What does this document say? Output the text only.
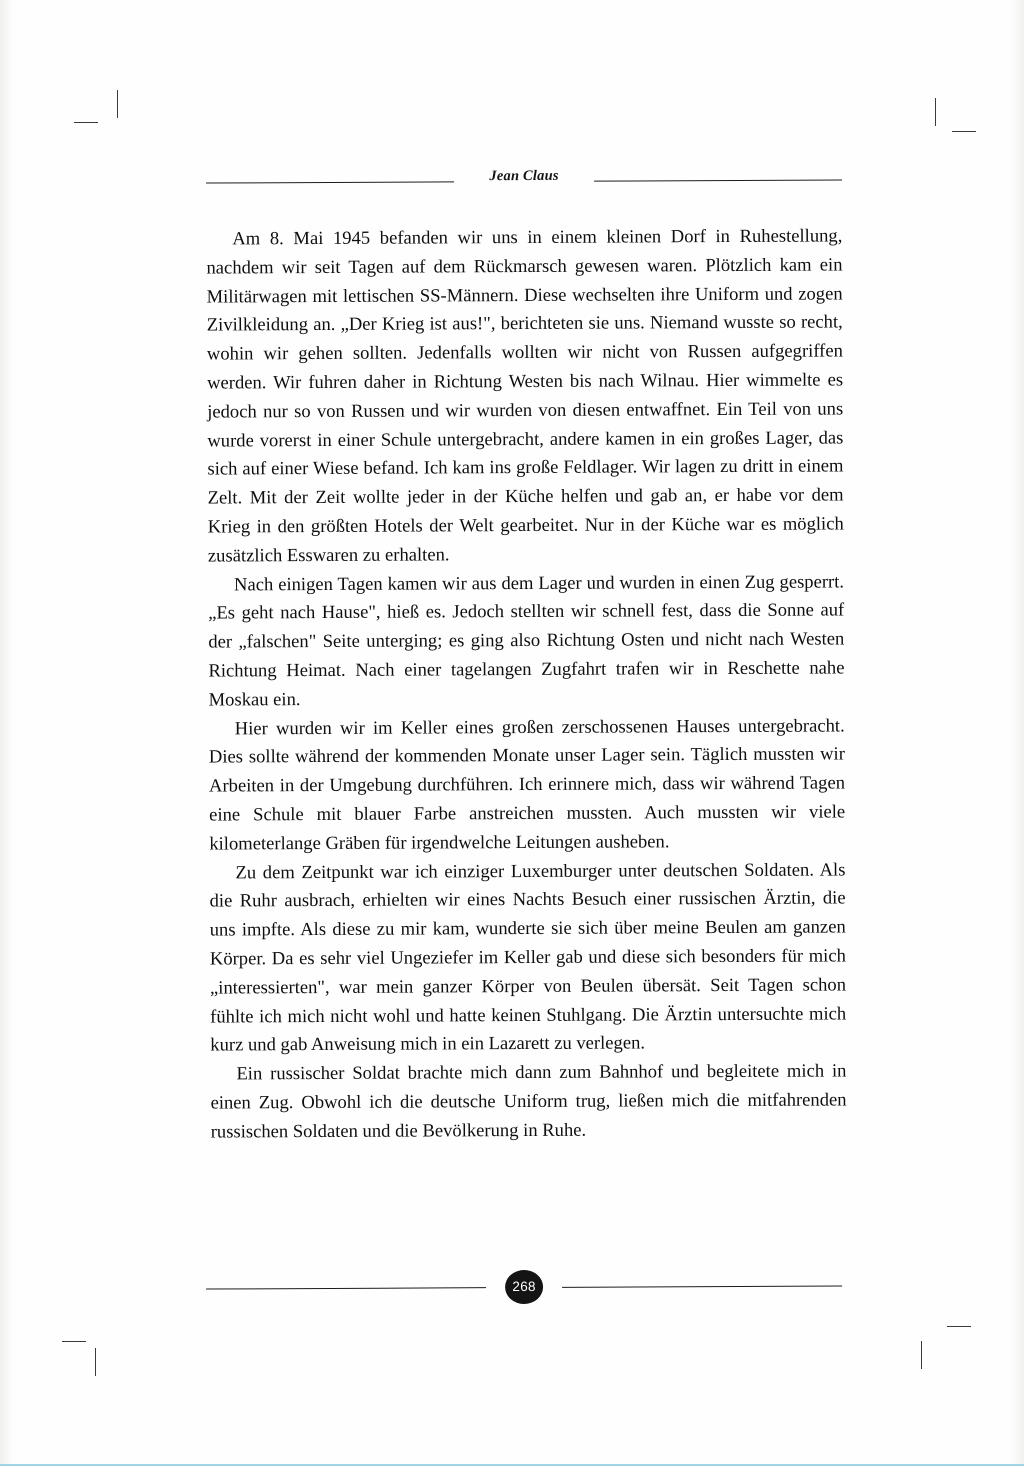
Jean Claus

Am 8. Mai 1945 befanden wir uns in einem kleinen Dorf in Ruhestellung, nachdem wir seit Tagen auf dem Rückmarsch gewesen waren. Plötzlich kam ein Militärwagen mit lettischen SS-Männern. Diese wechselten ihre Uniform und zogen Zivilkleidung an. „Der Krieg ist aus!", berichteten sie uns. Niemand wusste so recht, wohin wir gehen sollten. Jedenfalls wollten wir nicht von Russen aufgegriffen werden. Wir fuhren daher in Richtung Westen bis nach Wilnau. Hier wimmelte es jedoch nur so von Russen und wir wurden von diesen entwaffnet. Ein Teil von uns wurde vorerst in einer Schule untergebracht, andere kamen in ein großes Lager, das sich auf einer Wiese befand. Ich kam ins große Feldlager. Wir lagen zu dritt in einem Zelt. Mit der Zeit wollte jeder in der Küche helfen und gab an, er habe vor dem Krieg in den größten Hotels der Welt gearbeitet. Nur in der Küche war es möglich zusätzlich Esswaren zu erhalten.

Nach einigen Tagen kamen wir aus dem Lager und wurden in einen Zug gesperrt. „Es geht nach Hause", hieß es. Jedoch stellten wir schnell fest, dass die Sonne auf der „falschen" Seite unterging; es ging also Richtung Osten und nicht nach Westen Richtung Heimat. Nach einer tagelangen Zugfahrt trafen wir in Reschette nahe Moskau ein.

Hier wurden wir im Keller eines großen zerschossenen Hauses untergebracht. Dies sollte während der kommenden Monate unser Lager sein. Täglich mussten wir Arbeiten in der Umgebung durchführen. Ich erinnere mich, dass wir während Tagen eine Schule mit blauer Farbe anstreichen mussten. Auch mussten wir viele kilometerlange Gräben für irgendwelche Leitungen ausheben.

Zu dem Zeitpunkt war ich einziger Luxemburger unter deutschen Soldaten. Als die Ruhr ausbrach, erhielten wir eines Nachts Besuch einer russischen Ärztin, die uns impfte. Als diese zu mir kam, wunderte sie sich über meine Beulen am ganzen Körper. Da es sehr viel Ungeziefer im Keller gab und diese sich besonders für mich „interessierten", war mein ganzer Körper von Beulen übersät. Seit Tagen schon fühlte ich mich nicht wohl und hatte keinen Stuhlgang. Die Ärztin untersuchte mich kurz und gab Anweisung mich in ein Lazarett zu verlegen.

Ein russischer Soldat brachte mich dann zum Bahnhof und begleitete mich in einen Zug. Obwohl ich die deutsche Uniform trug, ließen mich die mitfahrenden russischen Soldaten und die Bevölkerung in Ruhe.

268
